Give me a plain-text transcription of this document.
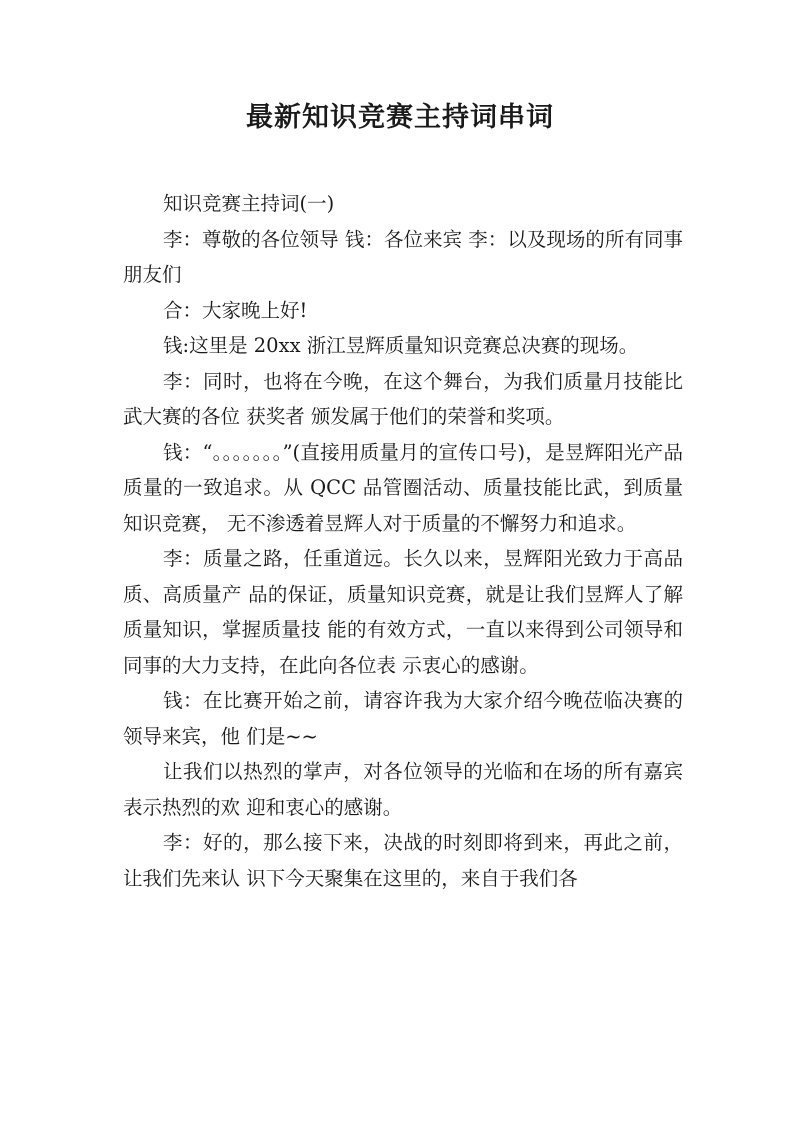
最新知识竞赛主持词串词

知识竞赛主持词(一)

李：尊敬的各位领导 钱：各位来宾 李：以及现场的所有同事朋友们

合：大家晚上好!

钱:这里是 20xx 浙江昱辉质量知识竞赛总决赛的现场。

李：同时，也将在今晚，在这个舞台，为我们质量月技能比武大赛的各位 获奖者 颁发属于他们的荣誉和奖项。

钱：“。。。。。。。”(直接用质量月的宣传口号)，是昱辉阳光产品 质量的一致追求。从 QCC 品管圈活动、质量技能比武，到质量知识竞赛， 无不渗透着昱辉人对于质量的不懈努力和追求。

李：质量之路，任重道远。长久以来，昱辉阳光致力于高品质、高质量产 品的保证，质量知识竞赛，就是让我们昱辉人了解质量知识，掌握质量技 能的有效方式，一直以来得到公司领导和同事的大力支持，在此向各位表 示衷心的感谢。

钱：在比赛开始之前，请容许我为大家介绍今晚莅临决赛的领导来宾，他 们是~~

让我们以热烈的掌声，对各位领导的光临和在场的所有嘉宾表示热烈的欢 迎和衷心的感谢。

李：好的，那么接下来，决战的时刻即将到来，再此之前，让我们先来认 识下今天聚集在这里的，来自于我们各
